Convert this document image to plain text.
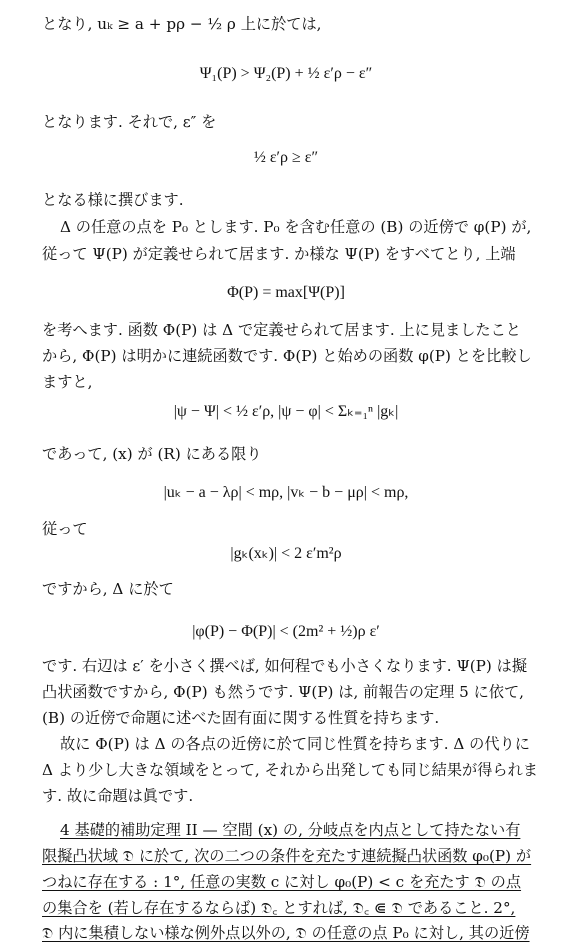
となり, uₖ ≥ a + pρ − ½ ρ 上に於ては,
Ψ₁(P) > Ψ₂(P) + ½ ε′ρ − ε″
となります. それで, ε″ を
½ ε′ρ ≥ ε″
となる様に撰びます.
Δ の任意の点を P₀ とします. P₀ を含む任意の (B) の近傍で φ(P) が,
従って Ψ(P) が定義せられて居ます. か様な Ψ(P) をすべてとり, 上端
Φ(P) = max[Ψ(P)]
を考へます. 函数 Φ(P) は Δ で定義せられて居ます. 上に見ましたこと
から, Φ(P) は明かに連続函数です. Φ(P) と始めの函数 φ(P) とを比較し
ますと,
|ψ − Ψ| < ½ ε′ρ, |ψ − φ| < Σₖ₌₁ⁿ |gₖ|
であって, (x) が (R) にある限り
|uₖ − a − λρ| < mρ, |vₖ − b − μρ| < mρ,
従って
|gₖ(xₖ)| < 2 ε′m²ρ
ですから, Δ に於て
|φ(P) − Φ(P)| < (2m² + ½)ρ ε′
です. 右辺は ε′ を小さく撰べば, 如何程でも小さくなります. Ψ(P) は擬
凸状函数ですから, Φ(P) も然うです. Ψ(P) は, 前報告の定理 5 に依て,
(B) の近傍で命題に述べた固有面に関する性質を持ちます.
故に Φ(P) は Δ の各点の近傍に於て同じ性質を持ちます. Δ の代りに
Δ より少し大きな領域をとって, それから出発しても同じ結果が得られま
す. 故に命題は眞です.
4 基礎的補助定理 II — 空間 (x) の, 分岐点を内点として持たない有
限擬凸状域 𝔇 に於て, 次の二つの条件を充たす連続擬凸状函数 φ₀(P) が
つねに存在する : 1°, 任意の実数 c に対し φ₀(P) < c を充たす 𝔇 の点
の集合を (若し存在するならば) 𝔇꜀ とすれば, 𝔇꜀ ⋐ 𝔇 であること. 2°,
𝔇 内に集積しない様な例外点以外の, 𝔇 の任意の点 P₀ に対し, 其の近傍
